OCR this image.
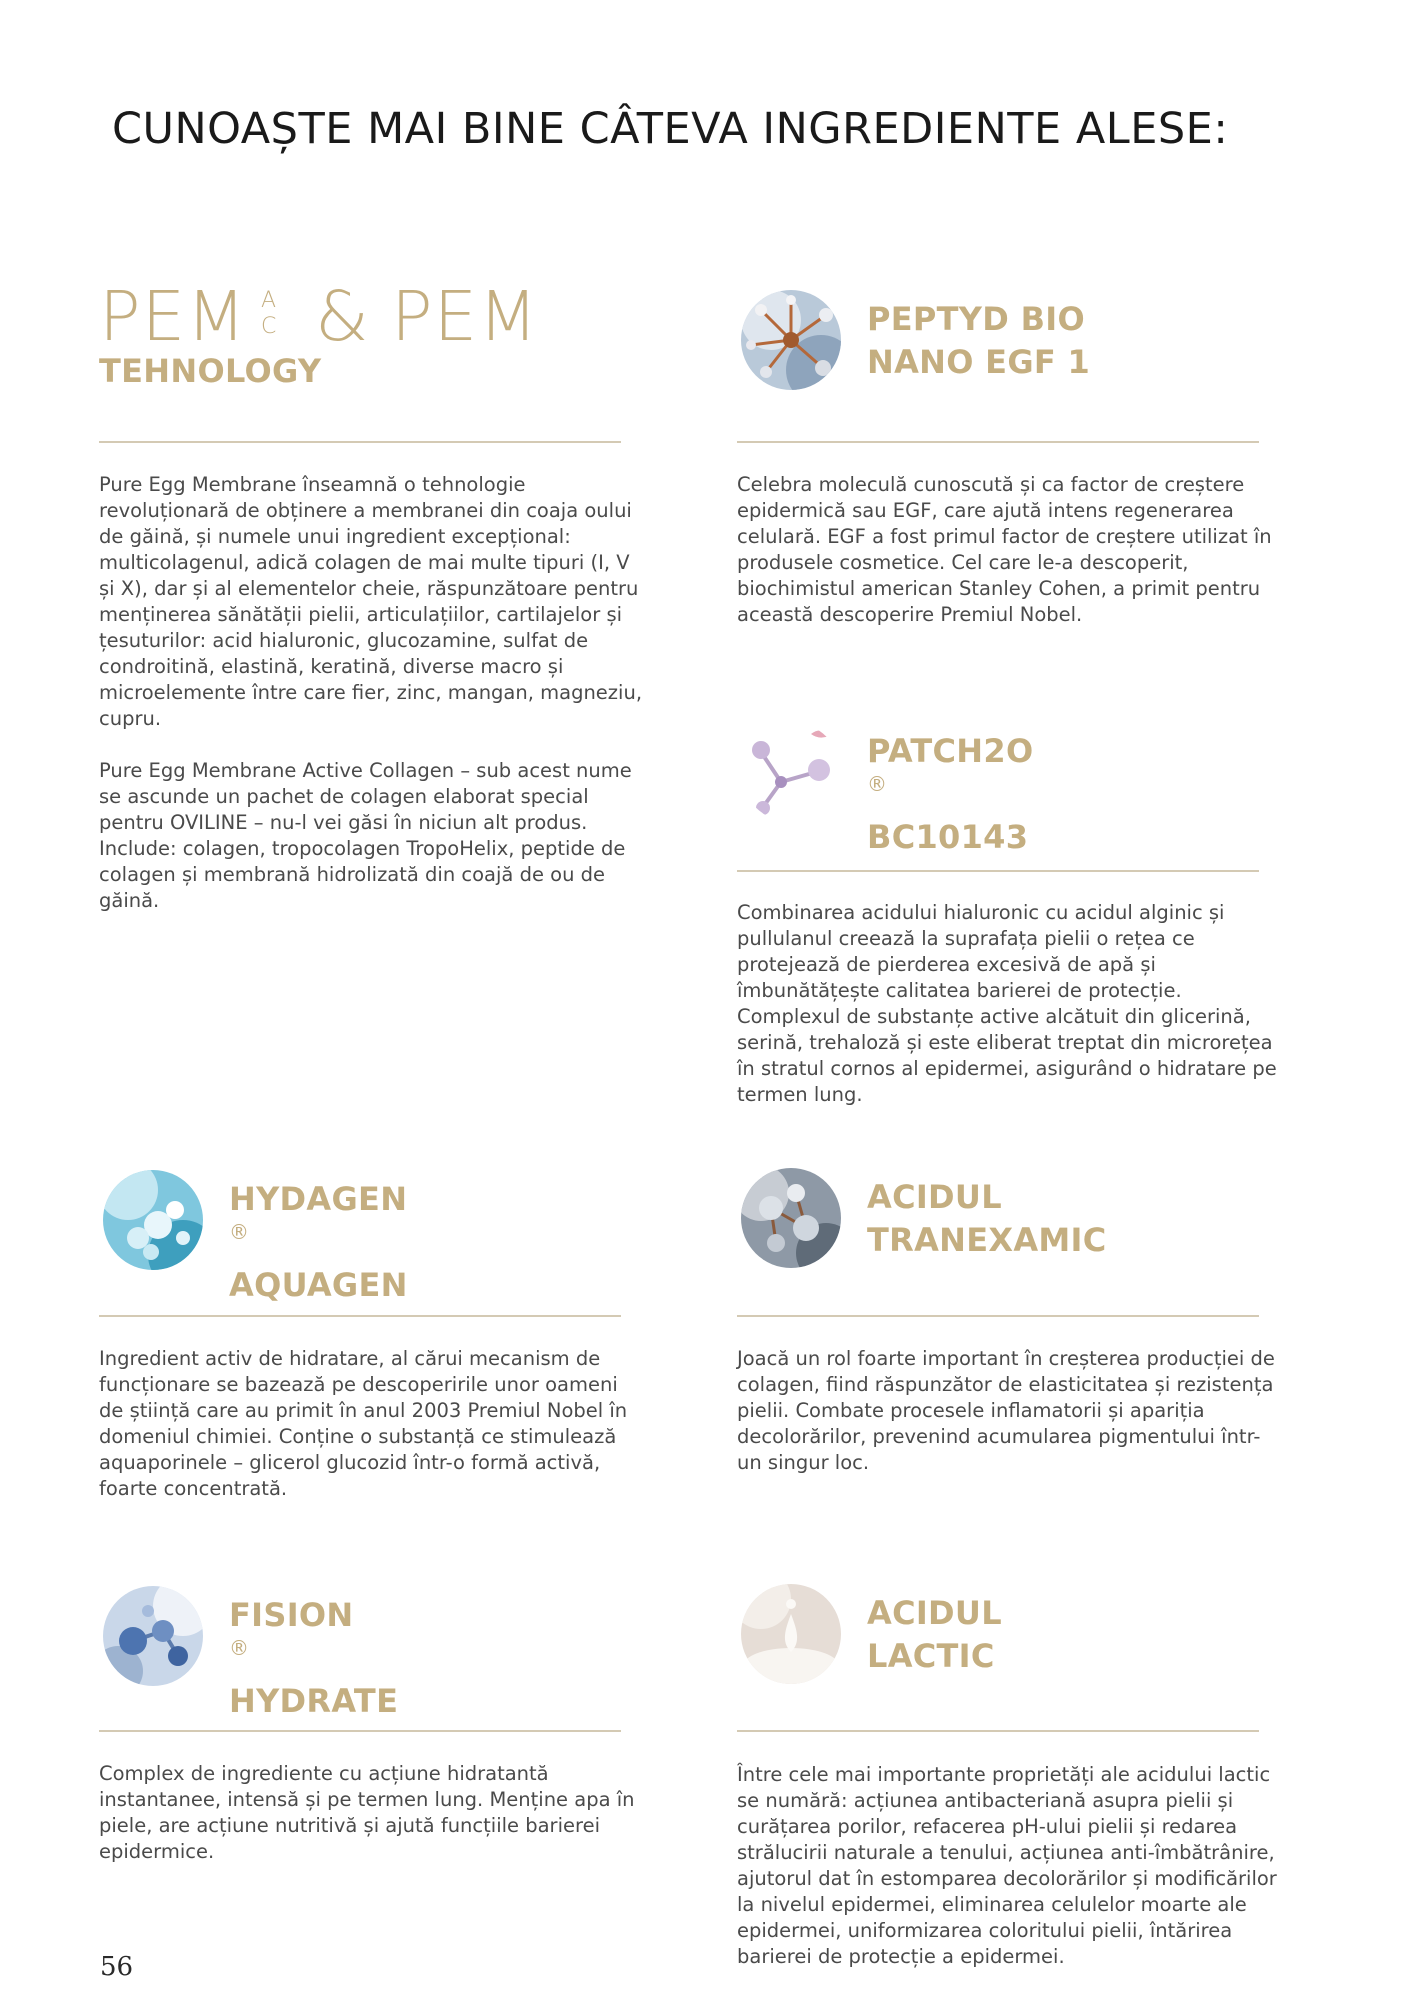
CUNOAȘTE MAI BINE CÂTEVA INGREDIENTE ALESE:
PEM A
C & PEM
TEHNOLOGY

Pure Egg Membrane înseamnă o tehnologie revoluționară de obținere a membranei din coaja oului de găină, și numele unui ingredient excepțional: multicolagenul, adică colagen de mai multe tipuri (I, V și X), dar și al elementelor cheie, răspunzătoare pentru menținerea sănătății pielii, articulațiilor, cartilajelor și țesuturilor: acid hialuronic, glucozamine, sulfat de condroitină, elastină, keratină, diverse macro și microelemente între care fier, zinc, mangan, magneziu, cupru.

Pure Egg Membrane Active Collagen – sub acest nume se ascunde un pachet de colagen elaborat special pentru OVILINE – nu-l vei găsi în niciun alt produs. Include: colagen, tropocolagen TropoHelix, peptide de colagen și membrană hidrolizată din coajă de ou de găină.

PEPTYD BIO
NANO EGF 1
Celebra moleculă cunoscută și ca factor de creștere epidermică sau EGF, care ajută intens regenerarea celulară. EGF a fost primul factor de creștere utilizat în produsele cosmetice. Cel care le-a descoperit, biochimistul american Stanley Cohen, a primit pentru această descoperire Premiul Nobel.
PATCH2O
®
BC10143
Combinarea acidului hialuronic cu acidul alginic și pullulanul creează la suprafața pielii o rețea ce protejează de pierderea excesivă de apă și îmbunătățește calitatea barierei de protecție. Complexul de substanțe active alcătuit din glicerină, serină, trehaloză și este eliberat treptat din microrețea în stratul cornos al epidermei, asigurând o hidratare pe termen lung.
HYDAGEN
®
AQUAGEN
Ingredient activ de hidratare, al cărui mecanism de funcționare se bazează pe descoperirile unor oameni de știință care au primit în anul 2003 Premiul Nobel în domeniul chimiei. Conține o substanță ce stimulează aquaporinele – glicerol glucozid într-o formă activă, foarte concentrată.
ACIDUL
TRANEXAMIC
Joacă un rol foarte important în creșterea producției de colagen, fiind răspunzător de elasticitatea și rezistența pielii. Combate procesele inflamatorii și apariția decolorărilor, prevenind acumularea pigmentului într-un singur loc.
FISION
®
HYDRATE
Complex de ingrediente cu acțiune hidratantă instantanee, intensă și pe termen lung. Menține apa în piele, are acțiune nutritivă și ajută funcțiile barierei epidermice.
ACIDUL
LACTIC
Între cele mai importante proprietăți ale acidului lactic se numără: acțiunea antibacteriană asupra pielii și curățarea porilor, refacerea pH-ului pielii și redarea strălucirii naturale a tenului, acțiunea anti-îmbătrânire, ajutorul dat în estomparea decolorărilor și modificărilor la nivelul epidermei, eliminarea celulelor moarte ale epidermei, uniformizarea coloritului pielii, întărirea barierei de protecție a epidermei.
56
